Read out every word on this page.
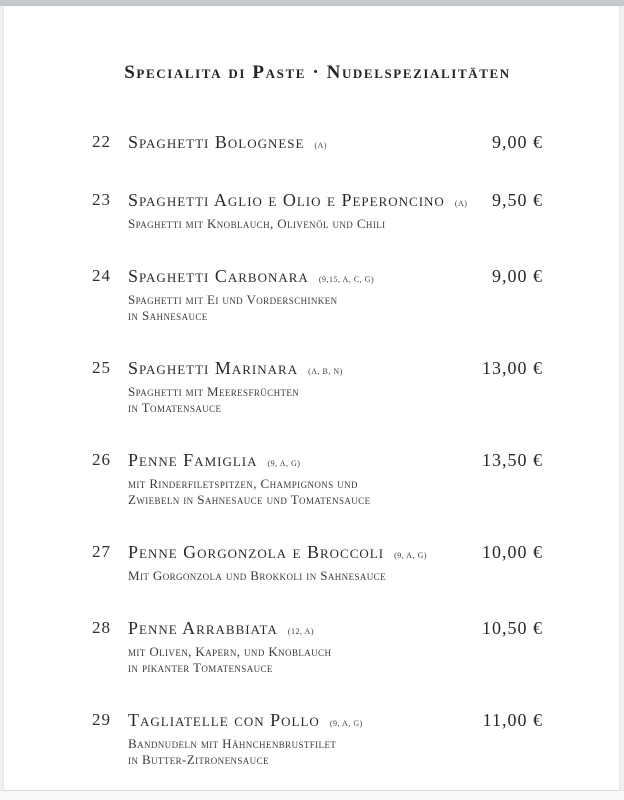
Specialita di Paste · Nudelspezialitäten
22 Spaghetti Bolognese (A)	9,00 €
23 Spaghetti Aglio e Olio e Peperoncino (A)
Spaghetti mit Knoblauch, Olivenöl und Chili
9,50 €
24 Spaghetti Carbonara (9,15, A, C, G)
Spaghetti mit Ei und Vorderschinken
in Sahnesauce
9,00 €
25 Spaghetti Marinara (A, B, N)
Spaghetti mit Meeresfrüchten
in Tomatensauce
13,00 €
26 Penne Famiglia (9, A, G)
mit Rinderfiletspitzen, Champignons und
Zwiebeln in Sahnesauce und Tomatensauce
13,50 €
27 Penne Gorgonzola e Broccoli (9, A, G)
Mit Gorgonzola und Brokkoli in Sahnesauce
10,00 €
28 Penne Arrabbiata (12, A)
mit Oliven, Kapern, und Knoblauch
in pikanter Tomatensauce
10,50 €
29 Tagliatelle con Pollo (9, A, G)
Bandnudeln mit Hähnchenbrustfilet
in Butter-Zitronensauce
11,00 €
